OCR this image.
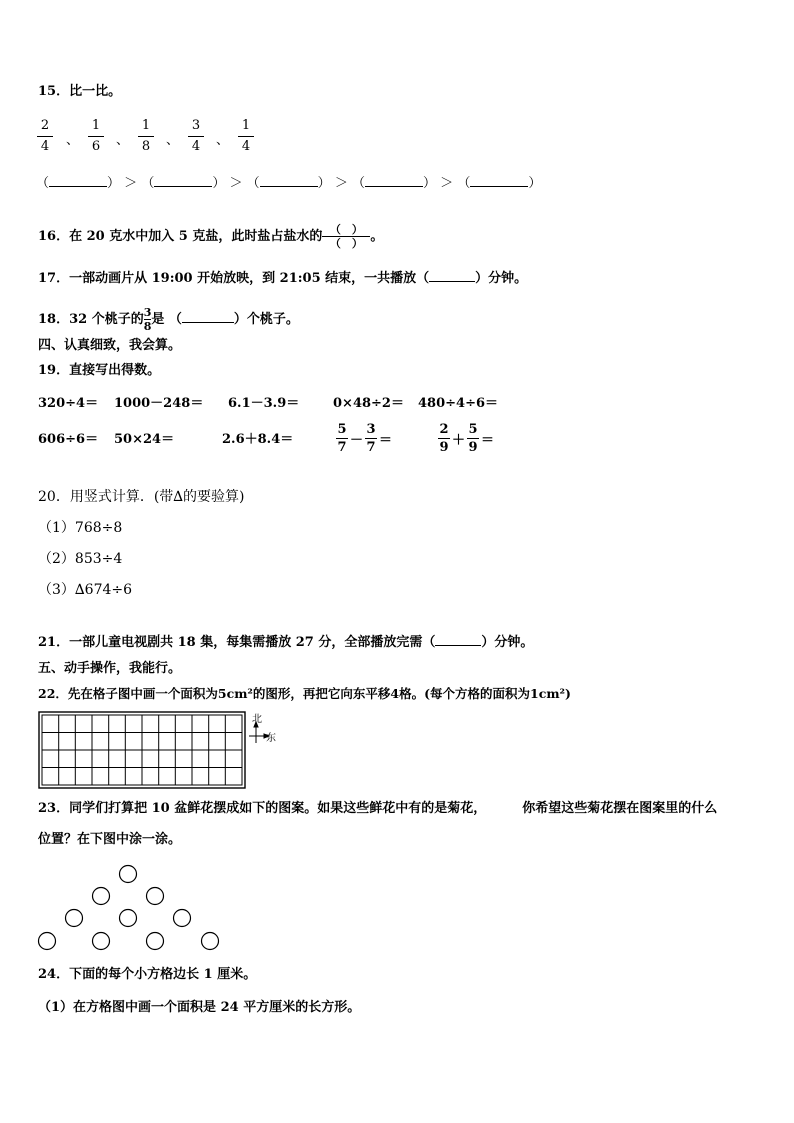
15．比一比。
2
4 、
1
6 、
1
8 、
3
4 、
1
4
（	） ＞ （	） ＞ （	） ＞ （	） ＞ （	）
16．在 20 克水中加入 5 克盐，此时盐占盐水的 （　）
（　） 。
17．一部动画片从 19:00 开始放映，到 21:05 结束，一共播放（	）分钟。
18．32 个桃子的 $\frac{3}{8}$ 是 （	）个桃子。
四、认真细致，我会算。
19．直接写出得数。
320÷4＝ 1000－248＝ 6.1－3.9＝	0×48÷2＝ 480÷4÷6＝
606÷6＝ 50×24＝	2.6＋8.4＝
5
7 －
3
7 ＝
2
9 ＋
5
9 ＝
20．用竖式计算．(带∆的要验算)
（1）768÷8
（2）853÷4
（3）∆674÷6
21．一部儿童电视剧共 18 集，每集需播放 27 分，全部播放完需（	）分钟。
五、动手操作，我能行。
22．先在格子图中画一个面积为5cm²的图形，再把它向东平移4格。(每个方格的面积为1cm²)
北
东
23．同学们打算把 10 盆鲜花摆成如下的图案。如果这些鲜花中有的是菊花，	你希望这些菊花摆在图案里的什么
位置？在下图中涂一涂。
24．下面的每个小方格边长 1 厘米。
（1）在方格图中画一个面积是 24 平方厘米的长方形。
